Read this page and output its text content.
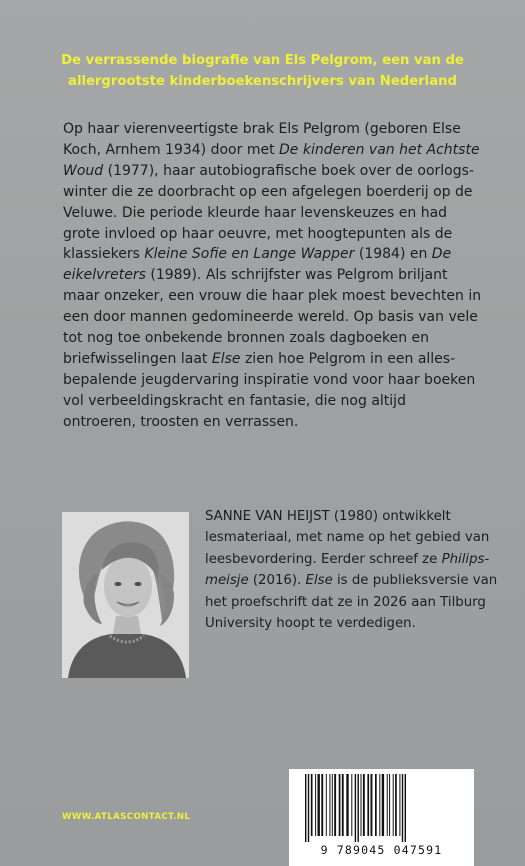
De verrassende biografie van Els Pelgrom, een van de
allergrootste kinderboekenschrijvers van Nederland

Op haar vierenveertigste brak Els Pelgrom (geboren Else Koch, Arnhem 1934) door met De kinderen van het Achtste Woud (1977), haar autobiografische boek over de oorlogswinter die ze doorbracht op een afgelegen boerderij op de Veluwe. Die periode kleurde haar levenskeuzes en had grote invloed op haar oeuvre, met hoogtepunten als de klassiekers Kleine Sofie en Lange Wapper (1984) en De eikelvreters (1989). Als schrijfster was Pelgrom briljant maar onzeker, een vrouw die haar plek moest bevechten in een door mannen gedomineerde wereld. Op basis van vele tot nog toe onbekende bronnen zoals dagboeken en briefwisselingen laat Else zien hoe Pelgrom in een allesbepalende jeugdervaring inspiratie vond voor haar boeken vol verbeeldingskracht en fantasie, die nog altijd ontroeren, troosten en verrassen.

SANNE VAN HEIJST (1980) ontwikkelt lesmateriaal, met name op het gebied van leesbevordering. Eerder schreef ze Philips-meisje (2016). Else is de publieksversie van het proefschrift dat ze in 2026 aan Tilburg University hoopt te verdedigen.

WWW.ATLASCONTACT.NL
9 789045 047591
